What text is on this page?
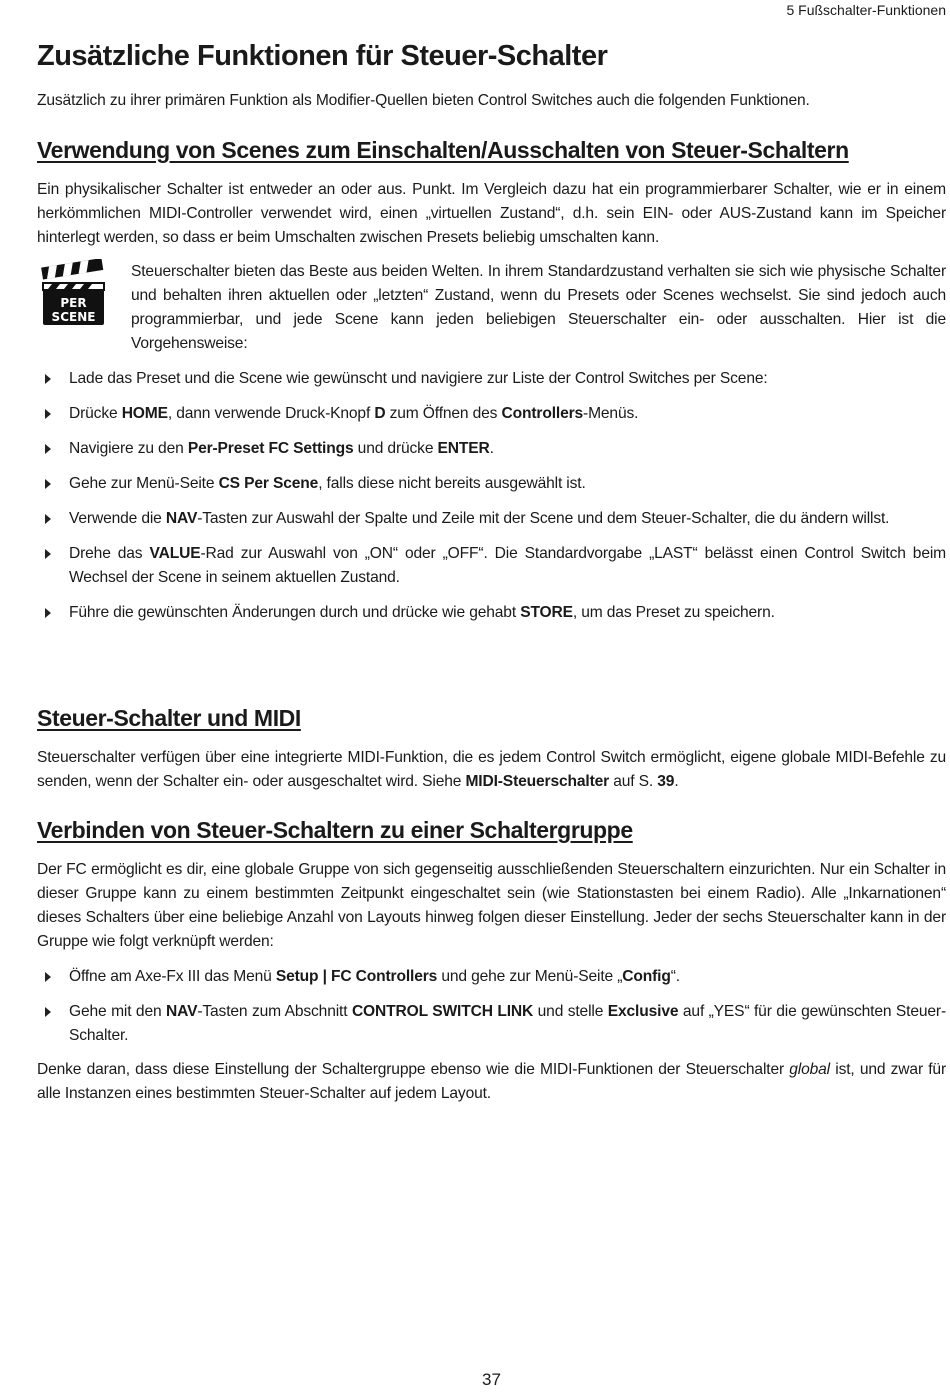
5 Fußschalter-Funktionen
Zusätzliche Funktionen für Steuer-Schalter

Zusätzlich zu ihrer primären Funktion als Modifier-Quellen bieten Control Switches auch die folgenden Funktionen.

Verwendung von Scenes zum Einschalten/Ausschalten von Steuer-Schaltern

Ein physikalischer Schalter ist entweder an oder aus. Punkt. Im Vergleich dazu hat ein programmierbarer Schalter, wie er in einem herkömmlichen MIDI-Controller verwendet wird, einen „virtuellen Zustand“, d.h. sein EIN- oder AUS-Zustand kann im Speicher hinterlegt werden, so dass er beim Umschalten zwischen Presets beliebig umschalten kann.

PER
SCENE

Steuerschalter bieten das Beste aus beiden Welten. In ihrem Standardzustand verhalten sie sich wie physische Schalter und behalten ihren aktuellen oder „letzten“ Zustand, wenn du Presets oder Scenes wechselst. Sie sind jedoch auch programmierbar, und jede Scene kann jeden beliebigen Steuerschalter ein- oder ausschalten. Hier ist die Vorgehensweise:

Lade das Preset und die Scene wie gewünscht und navigiere zur Liste der Control Switches per Scene:
Drücke HOME, dann verwende Druck-Knopf D zum Öffnen des Controllers-Menüs.
Navigiere zu den Per-Preset FC Settings und drücke ENTER.
Gehe zur Menü-Seite CS Per Scene, falls diese nicht bereits ausgewählt ist.
Verwende die NAV-Tasten zur Auswahl der Spalte und Zeile mit der Scene und dem Steuer-Schalter, die du ändern willst.
Drehe das VALUE-Rad zur Auswahl von „ON“ oder „OFF“. Die Standardvorgabe „LAST“ belässt einen Control Switch beim Wechsel der Scene in seinem aktuellen Zustand.
Führe die gewünschten Änderungen durch und drücke wie gehabt STORE, um das Preset zu speichern.
Steuer-Schalter und MIDI

Steuerschalter verfügen über eine integrierte MIDI-Funktion, die es jedem Control Switch ermöglicht, eigene globale MIDI-Befehle zu senden, wenn der Schalter ein- oder ausgeschaltet wird. Siehe MIDI-Steuerschalter auf S. 39.

Verbinden von Steuer-Schaltern zu einer Schaltergruppe

Der FC ermöglicht es dir, eine globale Gruppe von sich gegenseitig ausschließenden Steuerschaltern einzurichten. Nur ein Schalter in dieser Gruppe kann zu einem bestimmten Zeitpunkt eingeschaltet sein (wie Stationstasten bei einem Radio). Alle „Inkarnationen“ dieses Schalters über eine beliebige Anzahl von Layouts hinweg folgen dieser Einstellung. Jeder der sechs Steuerschalter kann in der Gruppe wie folgt verknüpft werden:

Öffne am Axe-Fx III das Menü Setup | FC Controllers und gehe zur Menü-Seite „Config“.
Gehe mit den NAV-Tasten zum Abschnitt CONTROL SWITCH LINK und stelle Exclusive auf „YES“ für die gewünschten Steuer-Schalter.

Denke daran, dass diese Einstellung der Schaltergruppe ebenso wie die MIDI-Funktionen der Steuerschalter global ist, und zwar für alle Instanzen eines bestimmten Steuer-Schalter auf jedem Layout.

37
